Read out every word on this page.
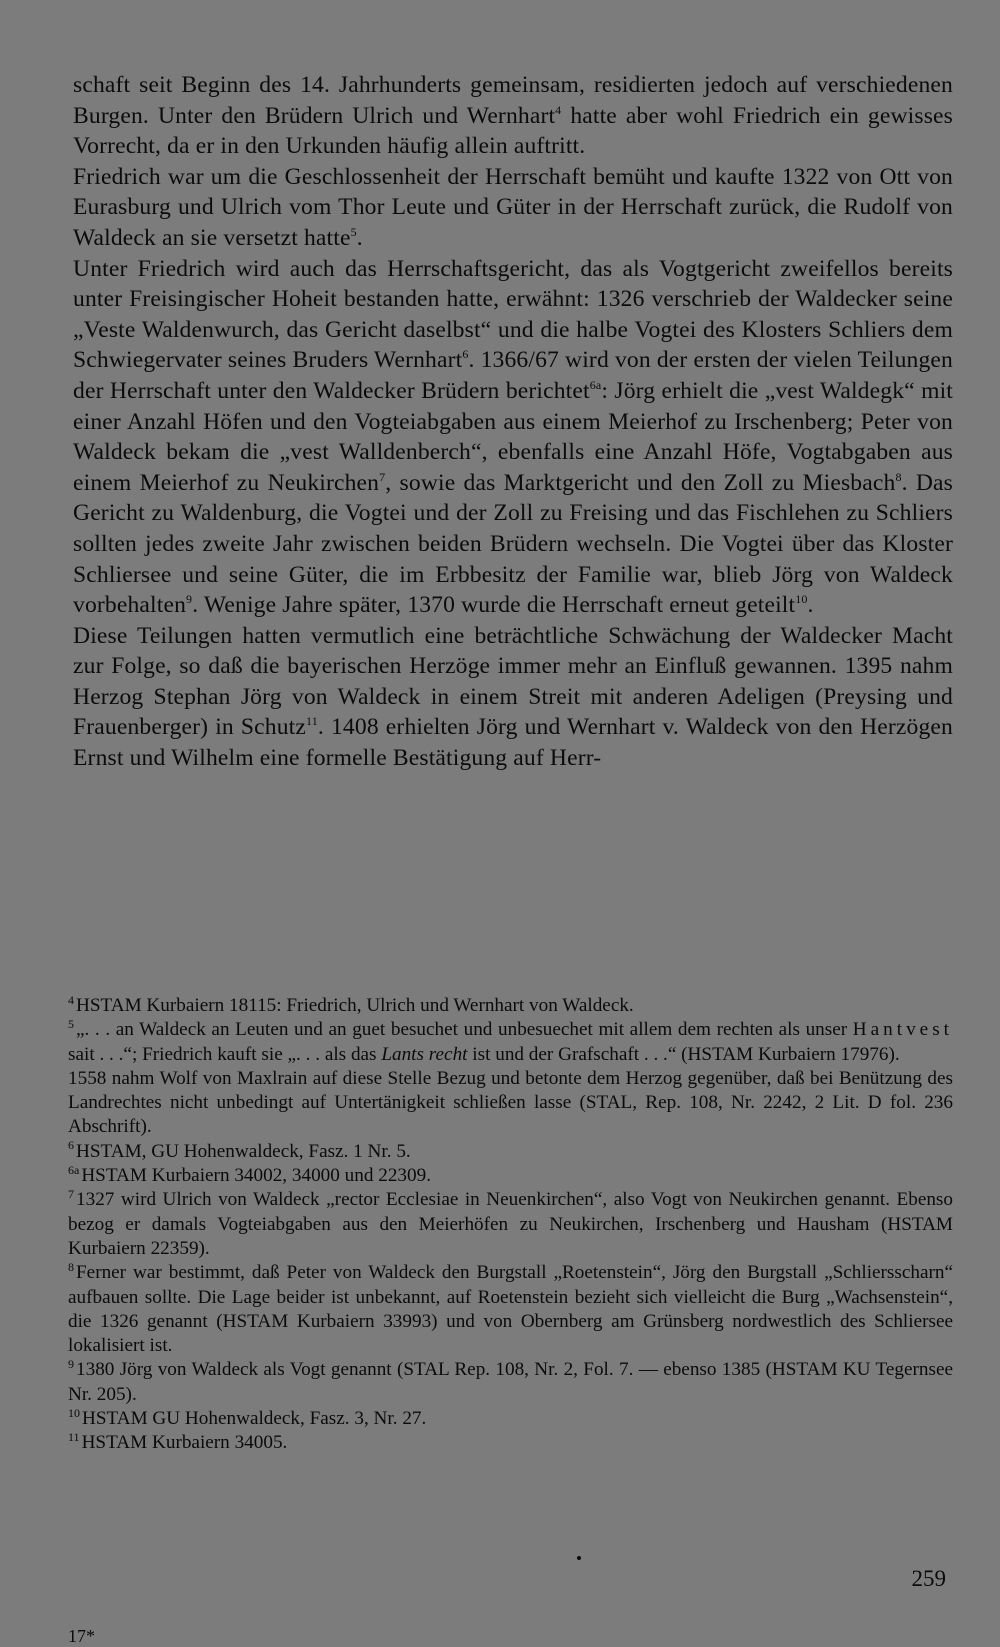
schaft seit Beginn des 14. Jahrhunderts gemeinsam, residierten jedoch auf verschiedenen Burgen. Unter den Brüdern Ulrich und Wernhart$^4$ hatte aber wohl Friedrich ein gewisses Vorrecht, da er in den Urkunden häufig allein auftritt.

Friedrich war um die Geschlossenheit der Herrschaft bemüht und kaufte 1322 von Ott von Eurasburg und Ulrich vom Thor Leute und Güter in der Herrschaft zurück, die Rudolf von Waldeck an sie versetzt hatte$^5$.

Unter Friedrich wird auch das Herrschaftsgericht, das als Vogtgericht zweifellos bereits unter Freisingischer Hoheit bestanden hatte, erwähnt: 1326 verschrieb der Waldecker seine „Veste Waldenwurch, das Gericht daselbst“ und die halbe Vogtei des Klosters Schliers dem Schwiegervater seines Bruders Wernhart$^6$. 1366/67 wird von der ersten der vielen Teilungen der Herrschaft unter den Waldecker Brüdern berichtet$^{6a}$: Jörg erhielt die „vest Waldegk“ mit einer Anzahl Höfen und den Vogteiabgaben aus einem Meierhof zu Irschenberg; Peter von Waldeck bekam die „vest Walldenberch“, ebenfalls eine Anzahl Höfe, Vogtabgaben aus einem Meierhof zu Neukirchen$^7$, sowie das Marktgericht und den Zoll zu Miesbach$^8$. Das Gericht zu Waldenburg, die Vogtei und der Zoll zu Freising und das Fischlehen zu Schliers sollten jedes zweite Jahr zwischen beiden Brüdern wechseln. Die Vogtei über das Kloster Schliersee und seine Güter, die im Erbbesitz der Familie war, blieb Jörg von Waldeck vorbehalten$^9$. Wenige Jahre später, 1370 wurde die Herrschaft erneut geteilt$^{10}$.

Diese Teilungen hatten vermutlich eine beträchtliche Schwächung der Waldecker Macht zur Folge, so daß die bayerischen Herzöge immer mehr an Einfluß gewannen. 1395 nahm Herzog Stephan Jörg von Waldeck in einem Streit mit anderen Adeligen (Preysing und Frauenberger) in Schutz$^{11}$. 1408 erhielten Jörg und Wernhart v. Waldeck von den Herzögen Ernst und Wilhelm eine formelle Bestätigung auf Herr-

$^4$ HSTAM Kurbaiern 18115: Friedrich, Ulrich und Wernhart von Waldeck.

$^5$ „. . . an Waldeck an Leuten und an guet besuchet und unbesuechet mit allem dem rechten als unser Hantvest sait . . .“; Friedrich kauft sie „. . . als das Lants recht ist und der Grafschaft . . .“ (HSTAM Kurbaiern 17976).

1558 nahm Wolf von Maxlrain auf diese Stelle Bezug und betonte dem Herzog gegenüber, daß bei Benützung des Landrechtes nicht unbedingt auf Untertänigkeit schließen lasse (STAL, Rep. 108, Nr. 2242, 2 Lit. D fol. 236 Abschrift).

$^6$ HSTAM, GU Hohenwaldeck, Fasz. 1 Nr. 5.

$^{6a}$ HSTAM Kurbaiern 34002, 34000 und 22309.

$^7$ 1327 wird Ulrich von Waldeck „rector Ecclesiae in Neuenkirchen“, also Vogt von Neukirchen genannt. Ebenso bezog er damals Vogteiabgaben aus den Meierhöfen zu Neukirchen, Irschenberg und Hausham (HSTAM Kurbaiern 22359).

$^8$ Ferner war bestimmt, daß Peter von Waldeck den Burgstall „Roetenstein“, Jörg den Burgstall „Schliersscharn“ aufbauen sollte. Die Lage beider ist unbekannt, auf Roetenstein bezieht sich vielleicht die Burg „Wachsenstein“, die 1326 genannt (HSTAM Kurbaiern 33993) und von Obernberg am Grünsberg nordwestlich des Schliersee lokalisiert ist.

$^9$ 1380 Jörg von Waldeck als Vogt genannt (STAL Rep. 108, Nr. 2, Fol. 7. — ebenso 1385 (HSTAM KU Tegernsee Nr. 205).

$^{10}$ HSTAM GU Hohenwaldeck, Fasz. 3, Nr. 27.

$^{11}$ HSTAM Kurbaiern 34005.

259
17*
